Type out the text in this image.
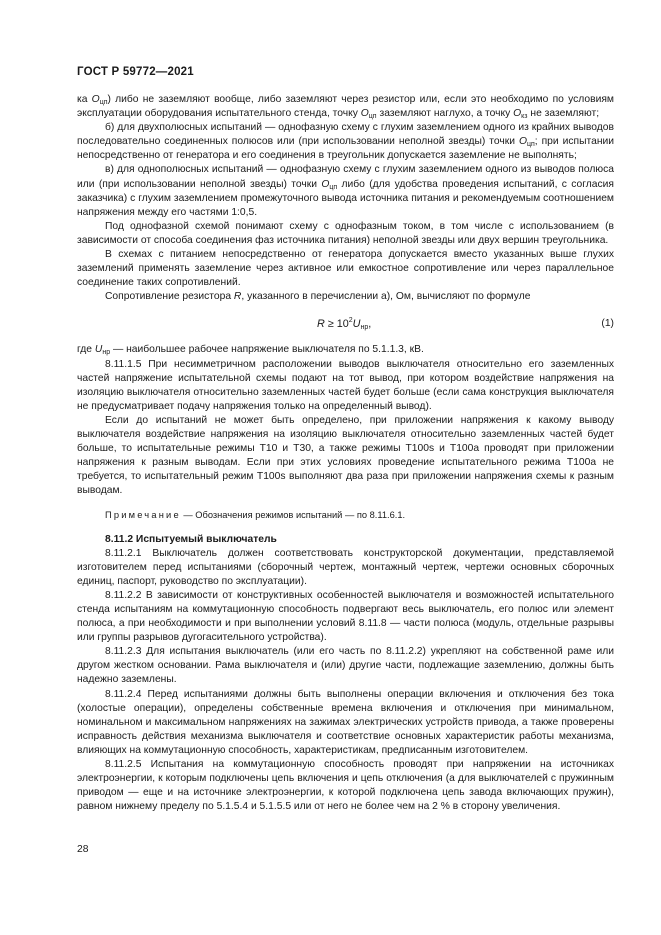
ГОСТ Р 59772—2021

ка $O_{цп}$) либо не заземляют вообще, либо заземляют через резистор или, если это необходимо по условиям эксплуатации оборудования испытательного стенда, точку $O_{цп}$ заземляют наглухо, а точку $O_{кз}$ не заземляют;

б) для двухполюсных испытаний — однофазную схему с глухим заземлением одного из крайних выводов последовательно соединенных полюсов или (при использовании неполной звезды) точки $O_{цп}$; при испытании непосредственно от генератора и его соединения в треугольник допускается заземление не выполнять;

в) для однополюсных испытаний — однофазную схему с глухим заземлением одного из выводов полюса или (при использовании неполной звезды) точки $O_{цп}$ либо (для удобства проведения испытаний, с согласия заказчика) с глухим заземлением промежуточного вывода источника питания и рекомендуемым соотношением напряжения между его частями 1:0,5.

Под однофазной схемой понимают схему с однофазным током, в том числе с использованием (в зависимости от способа соединения фаз источника питания) неполной звезды или двух вершин треугольника.

В схемах с питанием непосредственно от генератора допускается вместо указанных выше глухих заземлений применять заземление через активное или емкостное сопротивление или через параллельное соединение таких сопротивлений.

Сопротивление резистора R, указанного в перечислении а), Ом, вычисляют по формуле

$R \ge 10^2U_{нр}$,	(1)

где $U_{нр}$ — наибольшее рабочее напряжение выключателя по 5.1.1.3, кВ.

8.11.1.5 При несимметричном расположении выводов выключателя относительно его заземленных частей напряжение испытательной схемы подают на тот вывод, при котором воздействие напряжения на изоляцию выключателя относительно заземленных частей будет больше (если сама конструкция выключателя не предусматривает подачу напряжения только на определенный вывод).

Если до испытаний не может быть определено, при приложении напряжения к какому выводу выключателя воздействие напряжения на изоляцию выключателя относительно заземленных частей будет больше, то испытательные режимы Т10 и Т30, а также режимы Т100s и Т100a проводят при приложении напряжения к разным выводам. Если при этих условиях проведение испытательного режима Т100a не требуется, то испытательный режим Т100s выполняют два раза при приложении напряжения схемы к разным выводам.

Примечание — Обозначения режимов испытаний — по 8.11.6.1.

8.11.2 Испытуемый выключатель

8.11.2.1 Выключатель должен соответствовать конструкторской документации, представляемой изготовителем перед испытаниями (сборочный чертеж, монтажный чертеж, чертежи основных сборочных единиц, паспорт, руководство по эксплуатации).

8.11.2.2 В зависимости от конструктивных особенностей выключателя и возможностей испытательного стенда испытаниям на коммутационную способность подвергают весь выключатель, его полюс или элемент полюса, а при необходимости и при выполнении условий 8.11.8 — части полюса (модуль, отдельные разрывы или группы разрывов дугогасительного устройства).

8.11.2.3 Для испытания выключатель (или его часть по 8.11.2.2) укрепляют на собственной раме или другом жестком основании. Рама выключателя и (или) другие части, подлежащие заземлению, должны быть надежно заземлены.

8.11.2.4 Перед испытаниями должны быть выполнены операции включения и отключения без тока (холостые операции), определены собственные времена включения и отключения при минимальном, номинальном и максимальном напряжениях на зажимах электрических устройств привода, а также проверены исправность действия механизма выключателя и соответствие основных характеристик работы механизма, влияющих на коммутационную способность, характеристикам, предписанным изготовителем.

8.11.2.5 Испытания на коммутационную способность проводят при напряжении на источниках электроэнергии, к которым подключены цепь включения и цепь отключения (а для выключателей с пружинным приводом — еще и на источнике электроэнергии, к которой подключена цепь завода включающих пружин), равном нижнему пределу по 5.1.5.4 и 5.1.5.5 или от него не более чем на 2 % в сторону увеличения.

28
